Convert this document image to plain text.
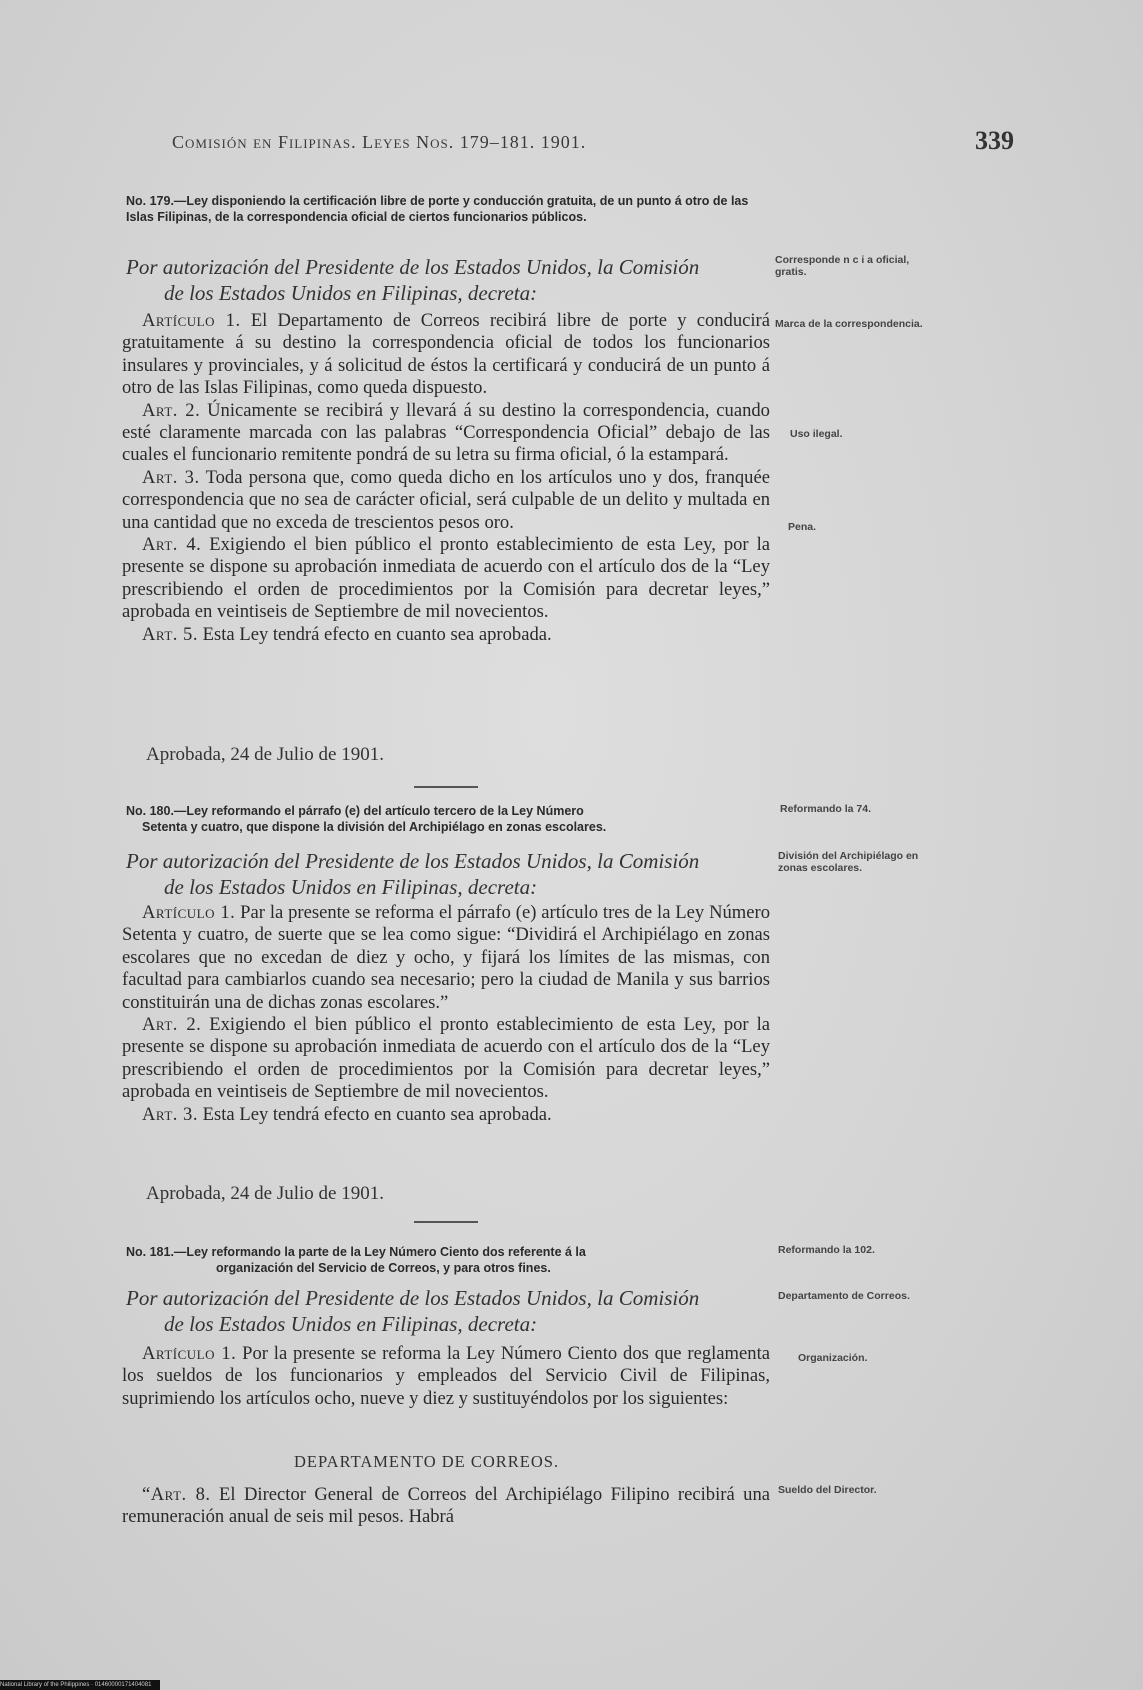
Comisión en Filipinas. Leyes Nos. 179–181. 1901.	339
No. 179.—Ley disponiendo la certificación libre de porte y conducción gratuita, de un punto á otro de las Islas Filipinas, de la correspondencia oficial de ciertos funcionarios públicos.
Por autorización del Presidente de los Estados Unidos, la Comisión
de los Estados Unidos en Filipinas, decreta:

Artículo 1. El Departamento de Correos recibirá libre de porte y conducirá gratuitamente á su destino la correspondencia oficial de todos los funcionarios insulares y provinciales, y á solicitud de éstos la certificará y conducirá de un punto á otro de las Islas Filipinas, como queda dispuesto.

Art. 2. Únicamente se recibirá y llevará á su destino la correspondencia, cuando esté claramente marcada con las palabras “Correspondencia Oficial” debajo de las cuales el funcionario remitente pondrá de su letra su firma oficial, ó la estampará.

Art. 3. Toda persona que, como queda dicho en los artículos uno y dos, franquée correspondencia que no sea de carácter oficial, será culpable de un delito y multada en una cantidad que no exceda de trescientos pesos oro.

Art. 4. Exigiendo el bien público el pronto establecimiento de esta Ley, por la presente se dispone su aprobación inmediata de acuerdo con el artículo dos de la “Ley prescribiendo el orden de procedimientos por la Comisión para decretar leyes,” aprobada en veintiseis de Septiembre de mil novecientos.

Art. 5. Esta Ley tendrá efecto en cuanto sea aprobada.

Aprobada, 24 de Julio de 1901.
Corresponde n c i a oficial, gratis.
Marca de la correspondencia.
Uso ilegal.
Pena.
No. 180.—Ley reformando el párrafo (e) del artículo tercero de la Ley Número
Setenta y cuatro, que dispone la división del Archipiélago en zonas escolares.
Por autorización del Presidente de los Estados Unidos, la Comisión
de los Estados Unidos en Filipinas, decreta:

Artículo 1. Par la presente se reforma el párrafo (e) artículo tres de la Ley Número Setenta y cuatro, de suerte que se lea como sigue: “Dividirá el Archipiélago en zonas escolares que no excedan de diez y ocho, y fijará los límites de las mismas, con facultad para cambiarlos cuando sea necesario; pero la ciudad de Manila y sus barrios constituirán una de dichas zonas escolares.”

Art. 2. Exigiendo el bien público el pronto establecimiento de esta Ley, por la presente se dispone su aprobación inmediata de acuerdo con el artículo dos de la “Ley prescribiendo el orden de procedimientos por la Comisión para decretar leyes,” aprobada en veintiseis de Septiembre de mil novecientos.

Art. 3. Esta Ley tendrá efecto en cuanto sea aprobada.

Aprobada, 24 de Julio de 1901.
Reformando la 74.
División del Archipiélago en zonas escolares.
No. 181.—Ley reformando la parte de la Ley Número Ciento dos referente á la
organización del Servicio de Correos, y para otros fines.
Por autorización del Presidente de los Estados Unidos, la Comisión
de los Estados Unidos en Filipinas, decreta:

Artículo 1. Por la presente se reforma la Ley Número Ciento dos que reglamenta los sueldos de los funcionarios y empleados del Servicio Civil de Filipinas, suprimiendo los artículos ocho, nueve y diez y sustituyéndolos por los siguientes:

DEPARTAMENTO DE CORREOS.

“Art. 8. El Director General de Correos del Archipiélago Filipino recibirá una remuneración anual de seis mil pesos. Habrá

Reformando la 102.
Departamento de Correos.
Organización.
Sueldo del Director.
National Library of the Philippines · 01460000171404081
